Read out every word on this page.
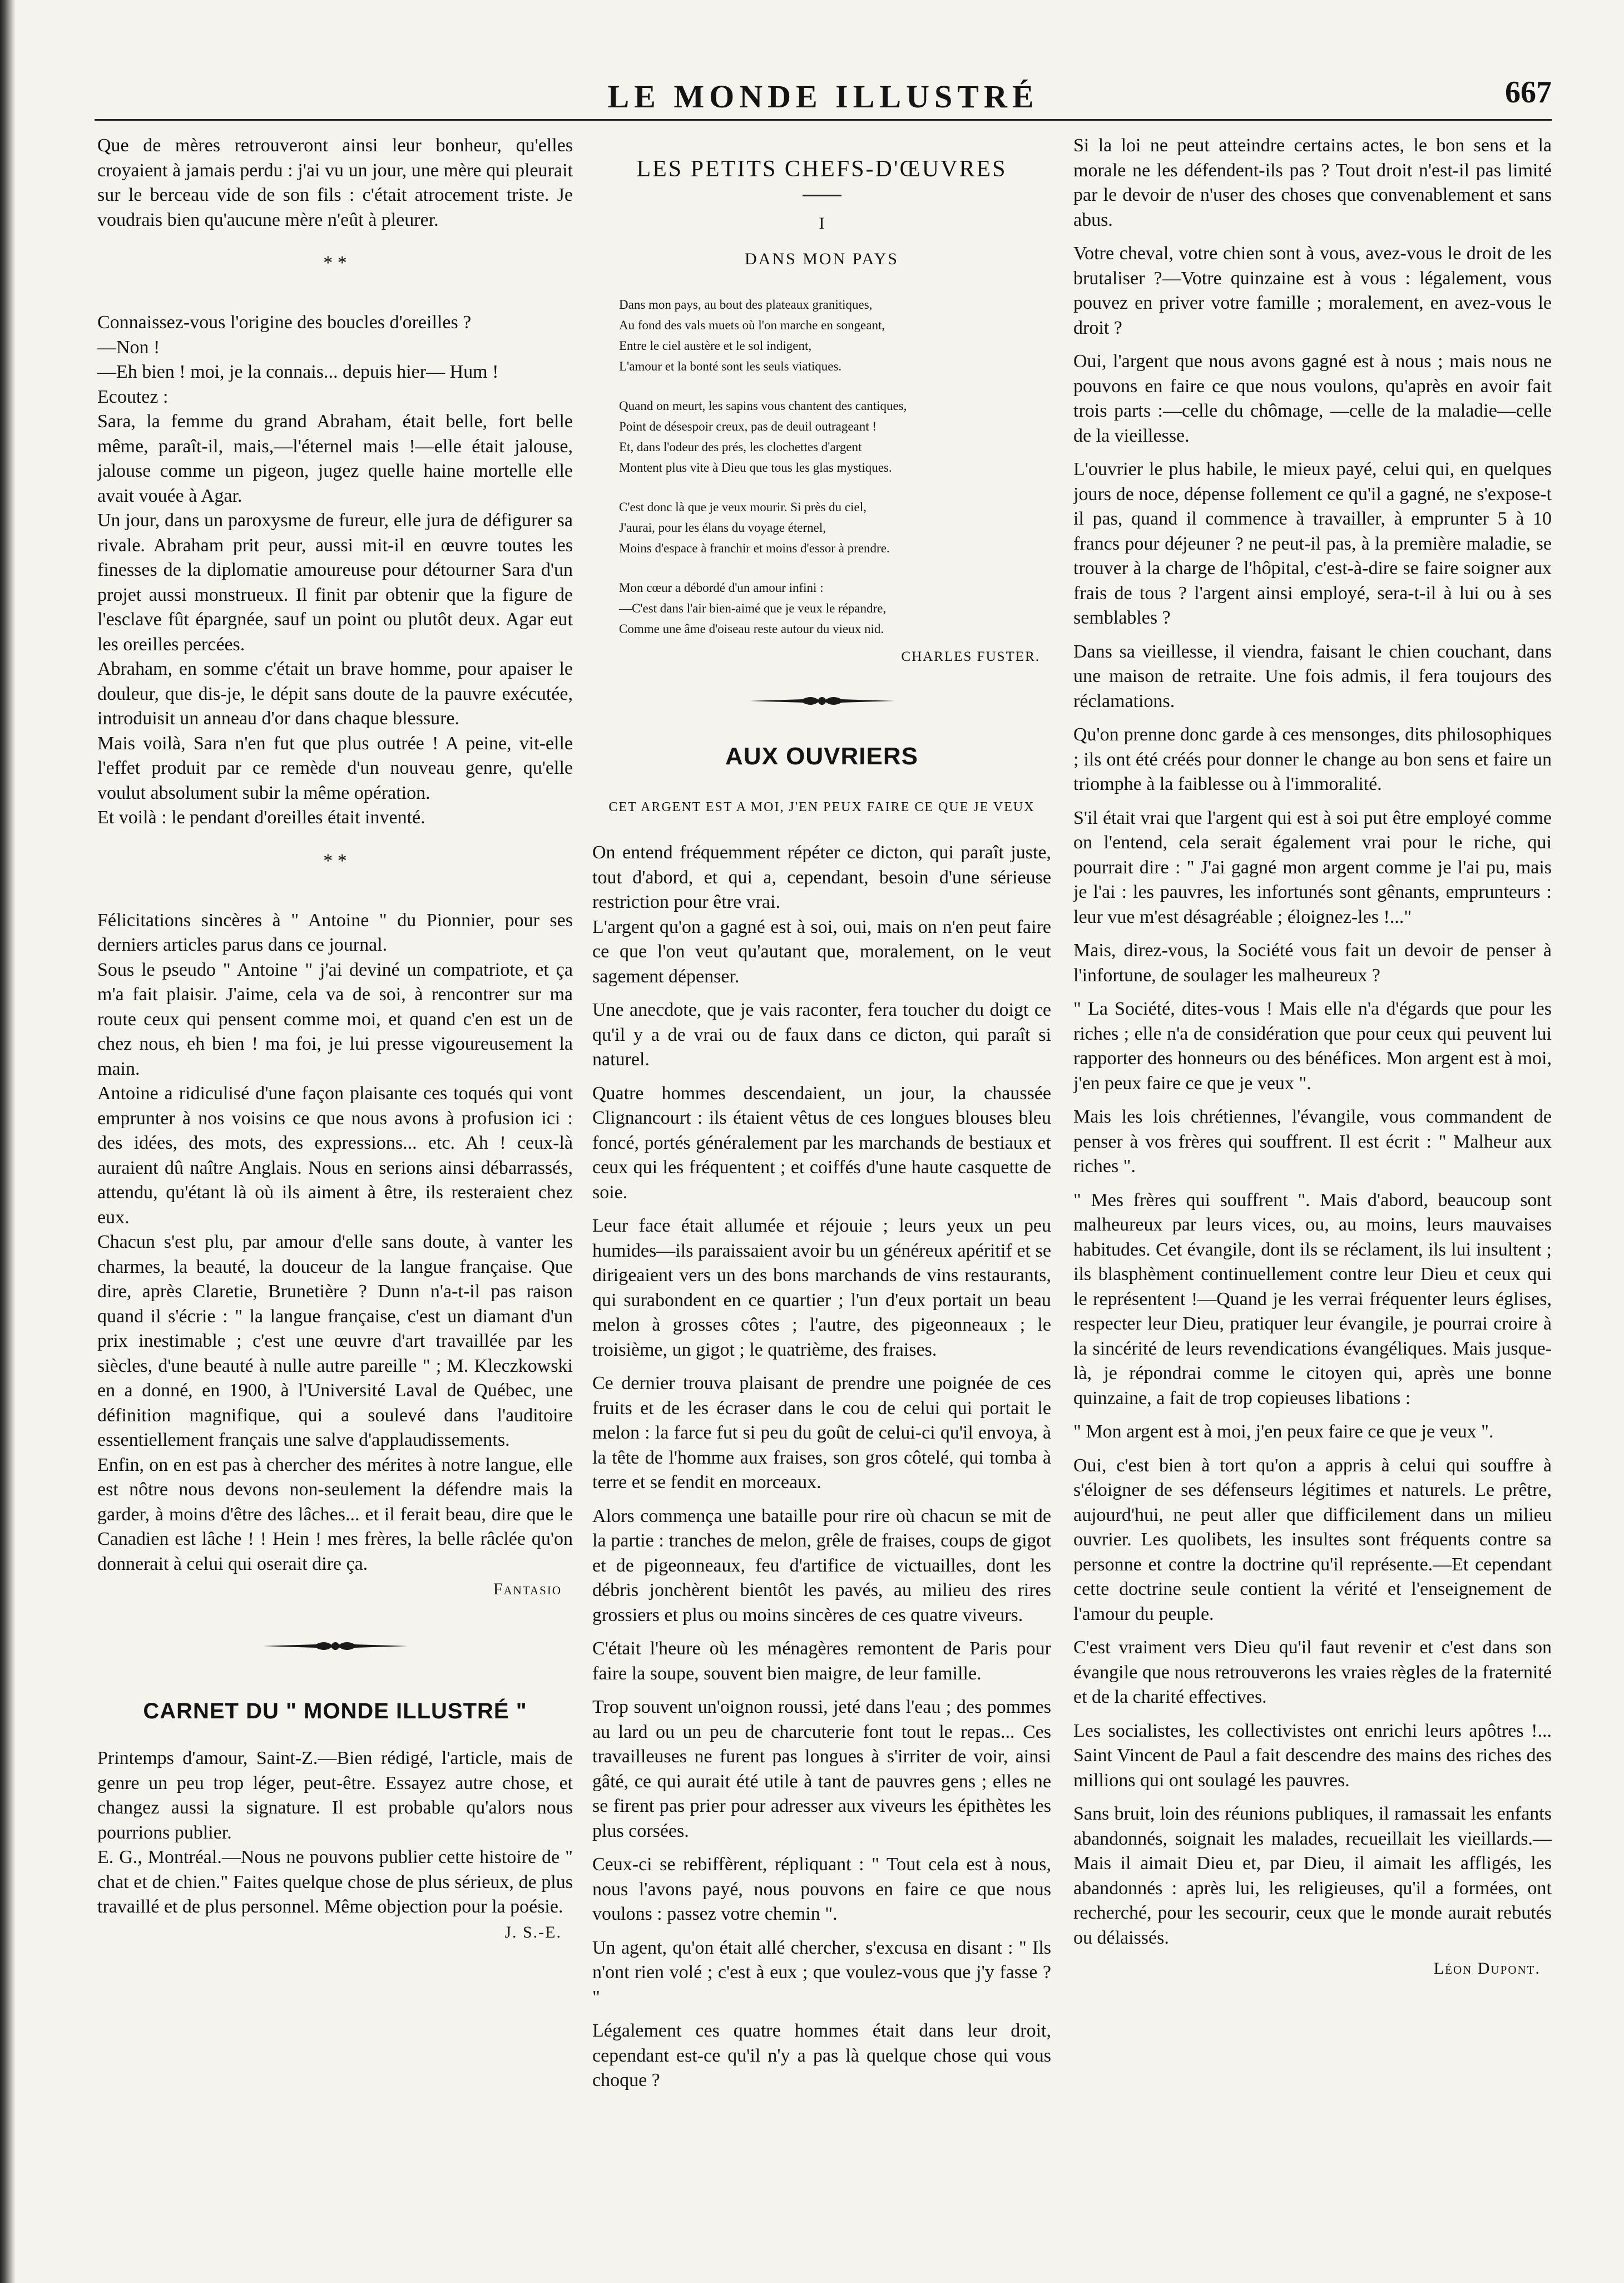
LE MONDE ILLUSTRÉ	667

Que de mères retrouveront ainsi leur bonheur, qu'elles croyaient à jamais perdu : j'ai vu un jour, une mère qui pleurait sur le berceau vide de son fils : c'était atrocement triste. Je voudrais bien qu'aucune mère n'eût à pleurer.

* *

Connaissez-vous l'origine des boucles d'oreilles ?

—Non !

—Eh bien ! moi, je la connais... depuis hier— Hum !

Ecoutez :

Sara, la femme du grand Abraham, était belle, fort belle même, paraît-il, mais,—l'éternel mais !—elle était jalouse, jalouse comme un pigeon, jugez quelle haine mortelle elle avait vouée à Agar.

Un jour, dans un paroxysme de fureur, elle jura de défigurer sa rivale. Abraham prit peur, aussi mit-il en œuvre toutes les finesses de la diplomatie amoureuse pour détourner Sara d'un projet aussi monstrueux. Il finit par obtenir que la figure de l'esclave fût épargnée, sauf un point ou plutôt deux. Agar eut les oreilles percées.

Abraham, en somme c'était un brave homme, pour apaiser le douleur, que dis-je, le dépit sans doute de la pauvre exécutée, introduisit un anneau d'or dans chaque blessure.

Mais voilà, Sara n'en fut que plus outrée ! A peine, vit-elle l'effet produit par ce remède d'un nouveau genre, qu'elle voulut absolument subir la même opération.

Et voilà : le pendant d'oreilles était inventé.

* *

Félicitations sincères à " Antoine " du Pionnier, pour ses derniers articles parus dans ce journal.

Sous le pseudo " Antoine " j'ai deviné un compatriote, et ça m'a fait plaisir. J'aime, cela va de soi, à rencontrer sur ma route ceux qui pensent comme moi, et quand c'en est un de chez nous, eh bien ! ma foi, je lui presse vigoureusement la main.

Antoine a ridiculisé d'une façon plaisante ces toqués qui vont emprunter à nos voisins ce que nous avons à profusion ici : des idées, des mots, des expressions... etc. Ah ! ceux-là auraient dû naître Anglais. Nous en serions ainsi débarrassés, attendu, qu'étant là où ils aiment à être, ils resteraient chez eux.

Chacun s'est plu, par amour d'elle sans doute, à vanter les charmes, la beauté, la douceur de la langue française. Que dire, après Claretie, Brunetière ? Dunn n'a-t-il pas raison quand il s'écrie : " la langue française, c'est un diamant d'un prix inestimable ; c'est une œuvre d'art travaillée par les siècles, d'une beauté à nulle autre pareille " ; M. Kleczkowski en a donné, en 1900, à l'Université Laval de Québec, une définition magnifique, qui a soulevé dans l'auditoire essentiellement français une salve d'applaudissements.

Enfin, on en est pas à chercher des mérites à notre langue, elle est nôtre nous devons non-seulement la défendre mais la garder, à moins d'être des lâches... et il ferait beau, dire que le Canadien est lâche ! ! Hein ! mes frères, la belle râclée qu'on donnerait à celui qui oserait dire ça.

Fantasio
CARNET DU " MONDE ILLUSTRÉ "

Printemps d'amour, Saint-Z.—Bien rédigé, l'article, mais de genre un peu trop léger, peut-être. Essayez autre chose, et changez aussi la signature. Il est probable qu'alors nous pourrions publier.

E. G., Montréal.—Nous ne pouvons publier cette histoire de " chat et de chien." Faites quelque chose de plus sérieux, de plus travaillé et de plus personnel. Même objection pour la poésie.

J. S.-E.
LES PETITS CHEFS-D'ŒUVRES
I
DANS MON PAYS
Dans mon pays, au bout des plateaux granitiques,
Au fond des vals muets où l'on marche en songeant,
Entre le ciel austère et le sol indigent,
L'amour et la bonté sont les seuls viatiques.
Quand on meurt, les sapins vous chantent des cantiques,
Point de désespoir creux, pas de deuil outrageant !
Et, dans l'odeur des prés, les clochettes d'argent
Montent plus vite à Dieu que tous les glas mystiques.
C'est donc là que je veux mourir. Si près du ciel,
J'aurai, pour les élans du voyage éternel,
Moins d'espace à franchir et moins d'essor à prendre.
Mon cœur a débordé d'un amour infini :
—C'est dans l'air bien-aimé que je veux le répandre,
Comme une âme d'oiseau reste autour du vieux nid.
CHARLES FUSTER.
AUX OUVRIERS
CET ARGENT EST A MOI, J'EN PEUX FAIRE CE QUE JE VEUX

On entend fréquemment répéter ce dicton, qui paraît juste, tout d'abord, et qui a, cependant, besoin d'une sérieuse restriction pour être vrai.

L'argent qu'on a gagné est à soi, oui, mais on n'en peut faire ce que l'on veut qu'autant que, moralement, on le veut sagement dépenser.

Une anecdote, que je vais raconter, fera toucher du doigt ce qu'il y a de vrai ou de faux dans ce dicton, qui paraît si naturel.

Quatre hommes descendaient, un jour, la chaussée Clignancourt : ils étaient vêtus de ces longues blouses bleu foncé, portés généralement par les marchands de bestiaux et ceux qui les fréquentent ; et coiffés d'une haute casquette de soie.

Leur face était allumée et réjouie ; leurs yeux un peu humides—ils paraissaient avoir bu un généreux apéritif et se dirigeaient vers un des bons marchands de vins restaurants, qui surabondent en ce quartier ; l'un d'eux portait un beau melon à grosses côtes ; l'autre, des pigeonneaux ; le troisième, un gigot ; le quatrième, des fraises.

Ce dernier trouva plaisant de prendre une poignée de ces fruits et de les écraser dans le cou de celui qui portait le melon : la farce fut si peu du goût de celui-ci qu'il envoya, à la tête de l'homme aux fraises, son gros côtelé, qui tomba à terre et se fendit en morceaux.

Alors commença une bataille pour rire où chacun se mit de la partie : tranches de melon, grêle de fraises, coups de gigot et de pigeonneaux, feu d'artifice de victuailles, dont les débris jonchèrent bientôt les pavés, au milieu des rires grossiers et plus ou moins sincères de ces quatre viveurs.

C'était l'heure où les ménagères remontent de Paris pour faire la soupe, souvent bien maigre, de leur famille.

Trop souvent un'oignon roussi, jeté dans l'eau ; des pommes au lard ou un peu de charcuterie font tout le repas... Ces travailleuses ne furent pas longues à s'irriter de voir, ainsi gâté, ce qui aurait été utile à tant de pauvres gens ; elles ne se firent pas prier pour adresser aux viveurs les épithètes les plus corsées.

Ceux-ci se rebiffèrent, répliquant : " Tout cela est à nous, nous l'avons payé, nous pouvons en faire ce que nous voulons : passez votre chemin ".

Un agent, qu'on était allé chercher, s'excusa en disant : " Ils n'ont rien volé ; c'est à eux ; que voulez-vous que j'y fasse ? "

Légalement ces quatre hommes était dans leur droit, cependant est-ce qu'il n'y a pas là quelque chose qui vous choque ?

Si la loi ne peut atteindre certains actes, le bon sens et la morale ne les défendent-ils pas ? Tout droit n'est-il pas limité par le devoir de n'user des choses que convenablement et sans abus.

Votre cheval, votre chien sont à vous, avez-vous le droit de les brutaliser ?—Votre quinzaine est à vous : légalement, vous pouvez en priver votre famille ; moralement, en avez-vous le droit ?

Oui, l'argent que nous avons gagné est à nous ; mais nous ne pouvons en faire ce que nous voulons, qu'après en avoir fait trois parts :—celle du chômage, —celle de la maladie—celle de la vieillesse.

L'ouvrier le plus habile, le mieux payé, celui qui, en quelques jours de noce, dépense follement ce qu'il a gagné, ne s'expose-t il pas, quand il commence à travailler, à emprunter 5 à 10 francs pour déjeuner ? ne peut-il pas, à la première maladie, se trouver à la charge de l'hôpital, c'est-à-dire se faire soigner aux frais de tous ? l'argent ainsi employé, sera-t-il à lui ou à ses semblables ?

Dans sa vieillesse, il viendra, faisant le chien couchant, dans une maison de retraite. Une fois admis, il fera toujours des réclamations.

Qu'on prenne donc garde à ces mensonges, dits philosophiques ; ils ont été créés pour donner le change au bon sens et faire un triomphe à la faiblesse ou à l'immoralité.

S'il était vrai que l'argent qui est à soi put être employé comme on l'entend, cela serait également vrai pour le riche, qui pourrait dire : " J'ai gagné mon argent comme je l'ai pu, mais je l'ai : les pauvres, les infortunés sont gênants, emprunteurs : leur vue m'est désagréable ; éloignez-les !..."

Mais, direz-vous, la Société vous fait un devoir de penser à l'infortune, de soulager les malheureux ?

" La Société, dites-vous ! Mais elle n'a d'égards que pour les riches ; elle n'a de considération que pour ceux qui peuvent lui rapporter des honneurs ou des bénéfices. Mon argent est à moi, j'en peux faire ce que je veux ".

Mais les lois chrétiennes, l'évangile, vous commandent de penser à vos frères qui souffrent. Il est écrit : " Malheur aux riches ".

" Mes frères qui souffrent ". Mais d'abord, beaucoup sont malheureux par leurs vices, ou, au moins, leurs mauvaises habitudes. Cet évangile, dont ils se réclament, ils lui insultent ; ils blasphèment continuellement contre leur Dieu et ceux qui le représentent !—Quand je les verrai fréquenter leurs églises, respecter leur Dieu, pratiquer leur évangile, je pourrai croire à la sincérité de leurs revendications évangéliques. Mais jusque-là, je répondrai comme le citoyen qui, après une bonne quinzaine, a fait de trop copieuses libations :

" Mon argent est à moi, j'en peux faire ce que je veux ".

Oui, c'est bien à tort qu'on a appris à celui qui souffre à s'éloigner de ses défenseurs légitimes et naturels. Le prêtre, aujourd'hui, ne peut aller que difficilement dans un milieu ouvrier. Les quolibets, les insultes sont fréquents contre sa personne et contre la doctrine qu'il représente.—Et cependant cette doctrine seule contient la vérité et l'enseignement de l'amour du peuple.

C'est vraiment vers Dieu qu'il faut revenir et c'est dans son évangile que nous retrouverons les vraies règles de la fraternité et de la charité effectives.

Les socialistes, les collectivistes ont enrichi leurs apôtres !... Saint Vincent de Paul a fait descendre des mains des riches des millions qui ont soulagé les pauvres.

Sans bruit, loin des réunions publiques, il ramassait les enfants abandonnés, soignait les malades, recueillait les vieillards.—Mais il aimait Dieu et, par Dieu, il aimait les affligés, les abandonnés : après lui, les religieuses, qu'il a formées, ont recherché, pour les secourir, ceux que le monde aurait rebutés ou délaissés.

Léon Dupont.
